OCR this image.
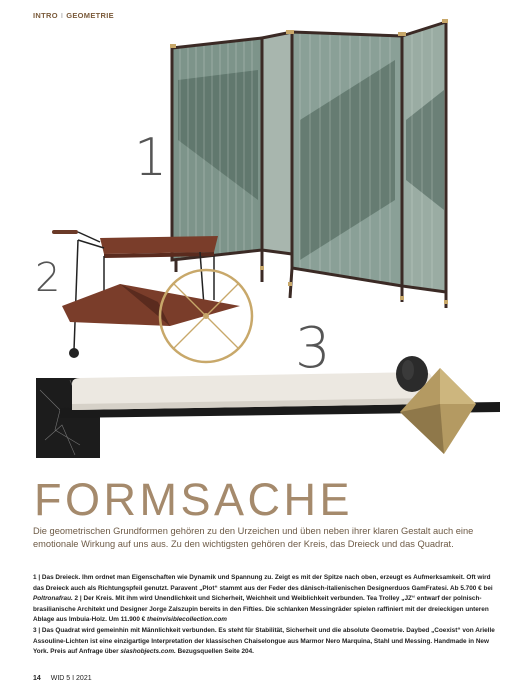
INTRO I GEOMETRIE
1
2
3
FORMSACHE
Die geometrischen Grundformen gehören zu den Urzeichen und üben neben ihrer klaren Gestalt auch eine emotionale Wirkung auf uns aus. Zu den wichtigsten gehören der Kreis, das Dreieck und das Quadrat.

1 | Das Dreieck. Ihm ordnet man Eigenschaften wie Dynamik und Spannung zu. Zeigt es mit der Spitze nach oben, erzeugt es Aufmerksamkeit. Oft wird das Dreieck auch als Richtungspfeil genutzt. Paravent „Plot“ stammt aus der Feder des dänisch-italienischen Designerduos GamFratesi. Ab 5.700 € bei Poltronafrau. 2 | Der Kreis. Mit ihm wird Unendlichkeit und Sicherheit, Weichheit und Weiblichkeit verbunden. Tea Trolley „JZ“ entwarf der polnisch-brasilianische Architekt und Designer Jorge Zalszupin bereits in den Fifties. Die schlanken Messingräder spielen raffiniert mit der dreieckigen unteren Ablage aus Imbuia-Holz. Um 11.900 € theinvisiblecollection.com

3 | Das Quadrat wird gemeinhin mit Männlichkeit verbunden. Es steht für Stabilität, Sicherheit und die absolute Geometrie. Daybed „Coexist“ von Arielle Assouline-Lichten ist eine einzigartige Interpretation der klassischen Chaiselongue aus Marmor Nero Marquina, Stahl und Messing. Handmade in New York. Preis auf Anfrage über slashobjects.com. Bezugsquellen Seite 204.

14 WID 5 I 2021
